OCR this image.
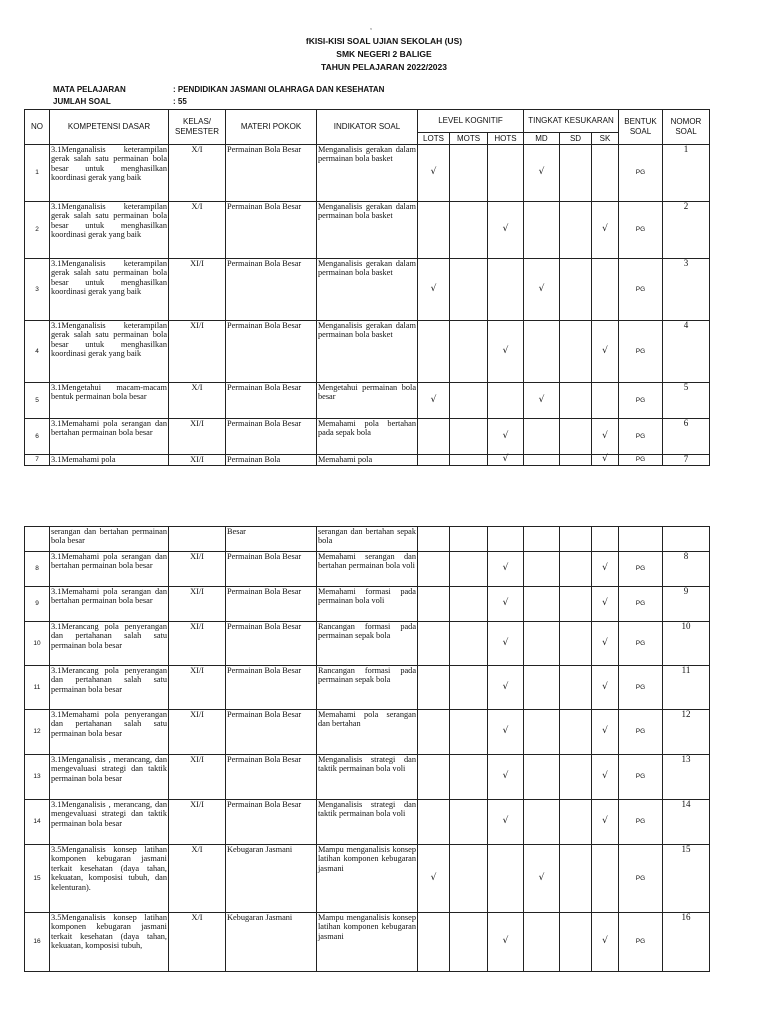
,
fKISI-KISI SOAL UJIAN SEKOLAH (US)
SMK NEGERI 2 BALIGE
TAHUN PELAJARAN 2022/2023
MATA PELAJARAN	: PENDIDIKAN JASMANI OLAHRAGA DAN KESEHATAN
JUMLAH SOAL	: 55
NO	KOMPETENSI DASAR	KELAS/ SEMESTER	MATERI POKOK	INDIKATOR SOAL	LEVEL KOGNITIF			TINGKAT KESUKARAN			BENTUK SOAL	NOMOR SOAL
					LOTS	MOTS	HOTS	MD	SD	SK		
1	3.1Menganalisis keterampilan gerak salah satu permainan bola besar untuk menghasilkan koordinasi gerak yang baik	X/I	Permainan Bola Besar	Menganalisis gerakan dalam permainan bola basket	√			√			PG	1
2	3.1Menganalisis keterampilan gerak salah satu permainan bola besar untuk menghasilkan koordinasi gerak yang baik	X/I	Permainan Bola Besar	Menganalisis gerakan dalam permainan bola basket			√			√	PG	2
3	3.1Menganalisis keterampilan gerak salah satu permainan bola besar untuk menghasilkan koordinasi gerak yang baik	XI/I	Permainan Bola Besar	Menganalisis gerakan dalam permainan bola basket	√			√			PG	3
4	3.1Menganalisis keterampilan gerak salah satu permainan bola besar untuk menghasilkan koordinasi gerak yang baik	XI/I	Permainan Bola Besar	Menganalisis gerakan dalam permainan bola basket			√			√	PG	4
5	3.1Mengetahui macam-macam bentuk permainan bola besar	X/I	Permainan Bola Besar	Mengetahui permainan bola besar	√			√			PG	5
6	3.1Memahami pola serangan dan bertahan permainan bola besar	XI/I	Permainan Bola Besar	Memahami pola bertahan pada sepak bola			√			√	PG	6
7	3.1Memahami pola	XI/I	Permainan Bola	Memahami pola			√			√	PG	7
	serangan dan bertahan permainan bola besar		Besar	serangan dan bertahan sepak bola								
8	3.1Memahami pola serangan dan bertahan permainan bola besar	XI/I	Permainan Bola Besar	Memahami serangan dan bertahan permainan bola voli			√			√	PG	8
9	3.1Memahami pola serangan dan bertahan permainan bola besar	XI/I	Permainan Bola Besar	Memahami formasi pada permainan bola voli			√			√	PG	9
10	3.1Merancang pola penyerangan dan pertahanan salah satu permainan bola besar	XI/I	Permainan Bola Besar	Rancangan formasi pada permainan sepak bola			√			√	PG	10
11	3.1Merancang pola penyerangan dan pertahanan salah satu permainan bola besar	XI/I	Permainan Bola Besar	Rancangan formasi pada permainan sepak bola			√			√	PG	11
12	3.1Memahami pola penyerangan dan pertahanan salah satu permainan bola besar	XI/I	Permainan Bola Besar	Memahami pola serangan dan bertahan			√			√	PG	12
13	3.1Menganalisis , merancang, dan mengevaluasi strategi dan taktik permainan bola besar	XI/I	Permainan Bola Besar	Menganalisis strategi dan taktik permainan bola voli			√			√	PG	13
14	3.1Menganalisis , merancang, dan mengevaluasi strategi dan taktik permainan bola besar	XI/I	Permainan Bola Besar	Menganalisis strategi dan taktik permainan bola voli			√			√	PG	14
15	3.5Menganalisis konsep latihan komponen kebugaran jasmani terkait kesehatan (daya tahan, kekuatan, komposisi tubuh, dan kelenturan).	X/I	Kebugaran Jasmani	Mampu menganalisis konsep latihan komponen kebugaran jasmani	√			√			PG	15
16	3.5Menganalisis konsep latihan komponen kebugaran jasmani terkait kesehatan (daya tahan, kekuatan, komposisi tubuh,	X/I	Kebugaran Jasmani	Mampu menganalisis konsep latihan komponen kebugaran jasmani			√			√	PG	16
